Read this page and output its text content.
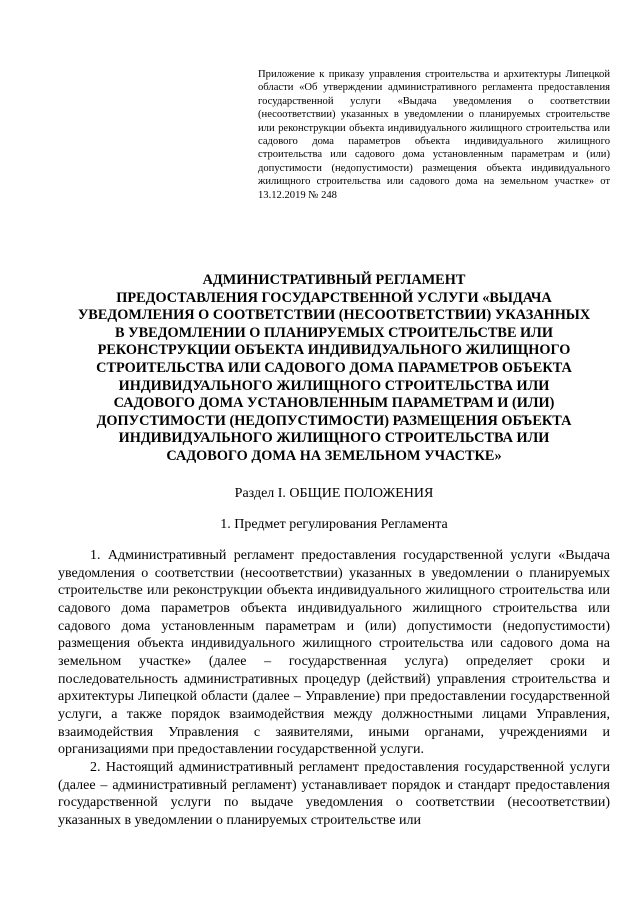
Приложение к приказу управления строительства и архитектуры Липецкой области «Об утверждении административного регламента предоставления государственной услуги «Выдача уведомления о соответствии (несоответствии) указанных в уведомлении о планируемых строительстве или реконструкции объекта индивидуального жилищного строительства или садового дома параметров объекта индивидуального жилищного строительства или садового дома установленным параметрам и (или) допустимости (недопустимости) размещения объекта индивидуального жилищного строительства или садового дома на земельном участке» от 13.12.2019 № 248

АДМИНИСТРАТИВНЫЙ РЕГЛАМЕНТ
ПРЕДОСТАВЛЕНИЯ ГОСУДАРСТВЕННОЙ УСЛУГИ «ВЫДАЧА
УВЕДОМЛЕНИЯ О СООТВЕТСТВИИ (НЕСООТВЕТСТВИИ) УКАЗАННЫХ
В УВЕДОМЛЕНИИ О ПЛАНИРУЕМЫХ СТРОИТЕЛЬСТВЕ ИЛИ
РЕКОНСТРУКЦИИ ОБЪЕКТА ИНДИВИДУАЛЬНОГО ЖИЛИЩНОГО
СТРОИТЕЛЬСТВА ИЛИ САДОВОГО ДОМА ПАРАМЕТРОВ ОБЪЕКТА
ИНДИВИДУАЛЬНОГО ЖИЛИЩНОГО СТРОИТЕЛЬСТВА ИЛИ
САДОВОГО ДОМА УСТАНОВЛЕННЫМ ПАРАМЕТРАМ И (ИЛИ)
ДОПУСТИМОСТИ (НЕДОПУСТИМОСТИ) РАЗМЕЩЕНИЯ ОБЪЕКТА
ИНДИВИДУАЛЬНОГО ЖИЛИЩНОГО СТРОИТЕЛЬСТВА ИЛИ
САДОВОГО ДОМА НА ЗЕМЕЛЬНОМ УЧАСТКЕ»
Раздел I. ОБЩИЕ ПОЛОЖЕНИЯ
1. Предмет регулирования Регламента

1. Административный регламент предоставления государственной услуги «Выдача уведомления о соответствии (несоответствии) указанных в уведомлении о планируемых строительстве или реконструкции объекта индивидуального жилищного строительства или садового дома параметров объекта индивидуального жилищного строительства или садового дома установленным параметрам и (или) допустимости (недопустимости) размещения объекта индивидуального жилищного строительства или садового дома на земельном участке» (далее – государственная услуга) определяет сроки и последовательность административных процедур (действий) управления строительства и архитектуры Липецкой области (далее – Управление) при предоставлении государственной услуги, а также порядок взаимодействия между должностными лицами Управления, взаимодействия Управления с заявителями, иными органами, учреждениями и организациями при предоставлении государственной услуги.

2. Настоящий административный регламент предоставления государственной услуги (далее – административный регламент) устанавливает порядок и стандарт предоставления государственной услуги по выдаче уведомления о соответствии (несоответствии) указанных в уведомлении о планируемых строительстве или
